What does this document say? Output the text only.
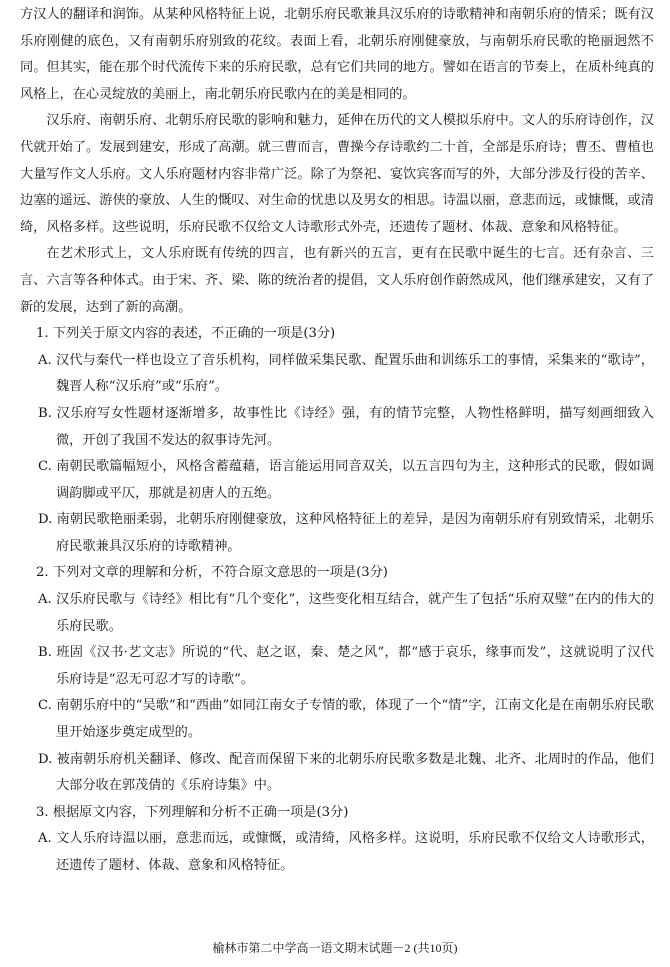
方汉人的翻译和润饰。从某种风格特征上说，北朝乐府民歌兼具汉乐府的诗歌精神和南朝乐府的情采；既有汉乐府刚健的底色，又有南朝乐府别致的花纹。表面上看，北朝乐府刚健豪放，与南朝乐府民歌的艳丽迥然不同。但其实，能在那个时代流传下来的乐府民歌，总有它们共同的地方。譬如在语言的节奏上，在质朴纯真的风格上，在心灵绽放的美丽上，南北朝乐府民歌内在的美是相同的。

汉乐府、南朝乐府、北朝乐府民歌的影响和魅力，延伸在历代的文人模拟乐府中。文人的乐府诗创作，汉代就开始了。发展到建安，形成了高潮。就三曹而言，曹操今存诗歌约二十首，全部是乐府诗；曹丕、曹植也大量写作文人乐府。文人乐府题材内容非常广泛。除了为祭祀、宴饮宾客而写的外，大部分涉及行役的苦辛、边塞的遥远、游侠的豪放、人生的慨叹、对生命的忧患以及男女的相思。诗温以丽，意悲而远，或慷慨，或清绮，风格多样。这些说明，乐府民歌不仅给文人诗歌形式外壳，还遗传了题材、体裁、意象和风格特征。

在艺术形式上，文人乐府既有传统的四言，也有新兴的五言，更有在民歌中诞生的七言。还有杂言、三言、六言等各种体式。由于宋、齐、梁、陈的统治者的提倡，文人乐府创作蔚然成风，他们继承建安，又有了新的发展，达到了新的高潮。

1. 下列关于原文内容的表述，不正确的一项是(3分)

A. 汉代与秦代一样也设立了音乐机构，同样做采集民歌、配置乐曲和训练乐工的事情，采集来的“歌诗”，魏晋人称“汉乐府”或“乐府”。

B. 汉乐府写女性题材逐渐增多，故事性比《诗经》强，有的情节完整，人物性格鲜明，描写刻画细致入微，开创了我国不发达的叙事诗先河。

C. 南朝民歌篇幅短小，风格含蓄蕴藉，语言能运用同音双关，以五言四句为主，这种形式的民歌，假如调调韵脚或平仄，那就是初唐人的五绝。

D. 南朝民歌艳丽柔弱，北朝乐府刚健豪放，这种风格特征上的差异，是因为南朝乐府有别致情采，北朝乐府民歌兼具汉乐府的诗歌精神。

2. 下列对文章的理解和分析，不符合原文意思的一项是(3分)

A. 汉乐府民歌与《诗经》相比有“几个变化”，这些变化相互结合，就产生了包括“乐府双璧”在内的伟大的乐府民歌。

B. 班固《汉书·艺文志》所说的“代、赵之讴，秦、楚之风”，都“感于哀乐，缘事而发”，这就说明了汉代乐府诗是“忍无可忍才写的诗歌”。

C. 南朝乐府中的“吴歌”和“西曲”如同江南女子专情的歌，体现了一个“情”字，江南文化是在南朝乐府民歌里开始逐步奠定成型的。

D. 被南朝乐府机关翻译、修改、配音而保留下来的北朝乐府民歌多数是北魏、北齐、北周时的作品，他们大部分收在郭茂倩的《乐府诗集》中。

3. 根据原文内容，下列理解和分析不正确一项是(3分)

A. 文人乐府诗温以丽，意悲而远，或慷慨，或清绮，风格多样。这说明，乐府民歌不仅给文人诗歌形式，还遗传了题材、体裁、意象和风格特征。

榆林市第二中学高一语文期末试题－2 (共10页)
